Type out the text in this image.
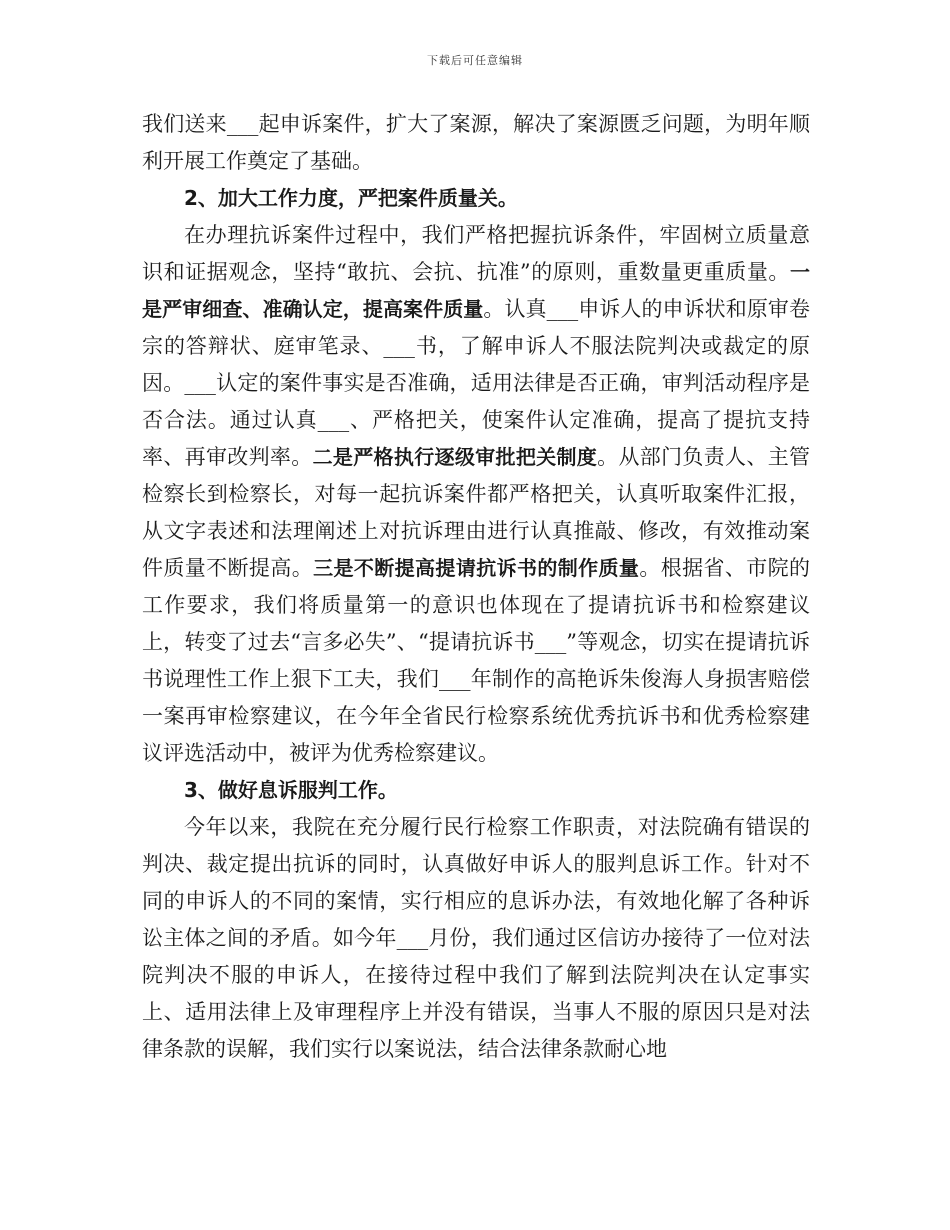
下载后可任意编辑

我们送来___起申诉案件，扩大了案源，解决了案源匮乏问题，为明年顺利开展工作奠定了基础。

2、加大工作力度，严把案件质量关。

在办理抗诉案件过程中，我们严格把握抗诉条件，牢固树立质量意识和证据观念，坚持“敢抗、会抗、抗准”的原则，重数量更重质量。一是严审细查、准确认定，提高案件质量。认真___申诉人的申诉状和原审卷宗的答辩状、庭审笔录、___书，了解申诉人不服法院判决或裁定的原因。___认定的案件事实是否准确，适用法律是否正确，审判活动程序是否合法。通过认真___、严格把关，使案件认定准确，提高了提抗支持率、再审改判率。二是严格执行逐级审批把关制度。从部门负责人、主管检察长到检察长，对每一起抗诉案件都严格把关，认真听取案件汇报，从文字表述和法理阐述上对抗诉理由进行认真推敲、修改，有效推动案件质量不断提高。三是不断提高提请抗诉书的制作质量。根据省、市院的工作要求，我们将质量第一的意识也体现在了提请抗诉书和检察建议上，转变了过去“言多必失”、“提请抗诉书___”等观念，切实在提请抗诉书说理性工作上狠下工夫，我们___年制作的高艳诉朱俊海人身损害赔偿一案再审检察建议，在今年全省民行检察系统优秀抗诉书和优秀检察建议评选活动中，被评为优秀检察建议。

3、做好息诉服判工作。

今年以来，我院在充分履行民行检察工作职责，对法院确有错误的判决、裁定提出抗诉的同时，认真做好申诉人的服判息诉工作。针对不同的申诉人的不同的案情，实行相应的息诉办法，有效地化解了各种诉讼主体之间的矛盾。如今年___月份，我们通过区信访办接待了一位对法院判决不服的申诉人，在接待过程中我们了解到法院判决在认定事实上、适用法律上及审理程序上并没有错误，当事人不服的原因只是对法律条款的误解，我们实行以案说法，结合法律条款耐心地
